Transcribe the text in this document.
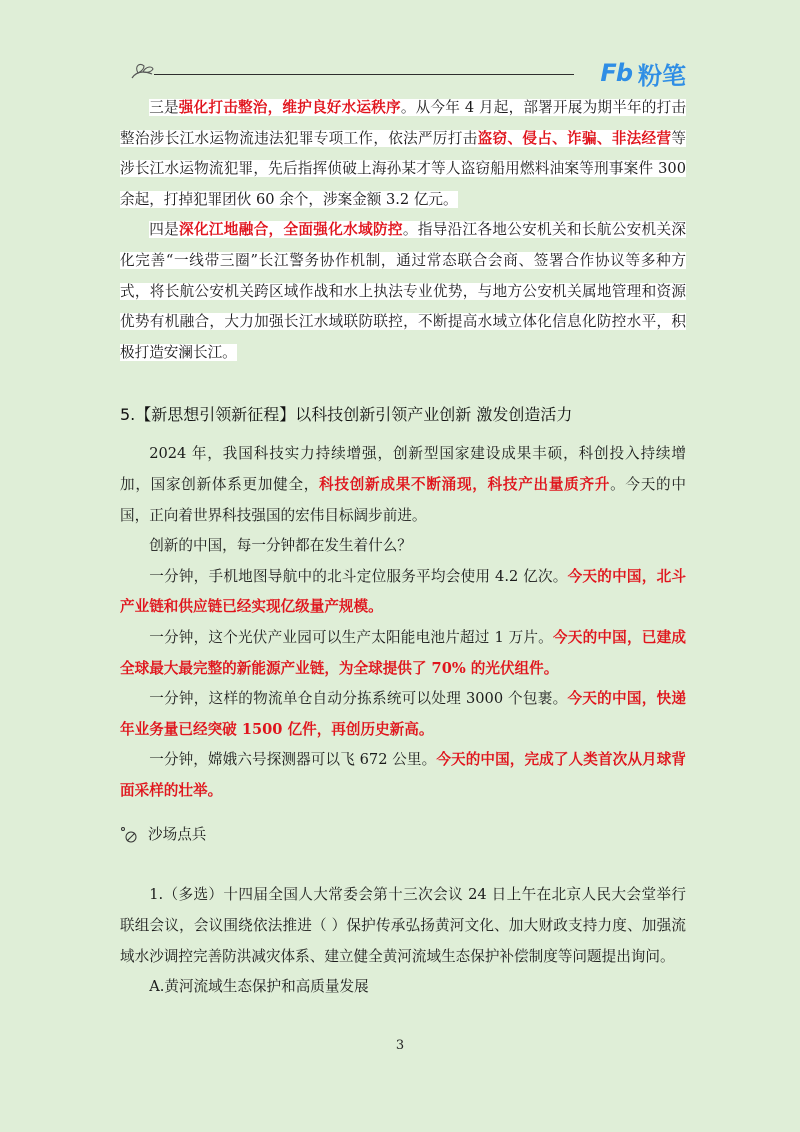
Fb 粉笔

三是强化打击整治，维护良好水运秩序。从今年 4 月起，部署开展为期半年的打击整治涉长江水运物流违法犯罪专项工作，依法严厉打击盗窃、侵占、诈骗、非法经营等涉长江水运物流犯罪，先后指挥侦破上海孙某才等人盗窃船用燃料油案等刑事案件 300 余起，打掉犯罪团伙 60 余个，涉案金额 3.2 亿元。

四是深化江地融合，全面强化水域防控。指导沿江各地公安机关和长航公安机关深化完善“一线带三圈”长江警务协作机制，通过常态联合会商、签署合作协议等多种方式，将长航公安机关跨区域作战和水上执法专业优势，与地方公安机关属地管理和资源优势有机融合，大力加强长江水域联防联控，不断提高水域立体化信息化防控水平，积极打造安澜长江。

5.【新思想引领新征程】以科技创新引领产业创新 激发创造活力

2024 年，我国科技实力持续增强，创新型国家建设成果丰硕，科创投入持续增加，国家创新体系更加健全，科技创新成果不断涌现，科技产出量质齐升。今天的中国，正向着世界科技强国的宏伟目标阔步前进。

创新的中国，每一分钟都在发生着什么？

一分钟，手机地图导航中的北斗定位服务平均会使用 4.2 亿次。今天的中国，北斗产业链和供应链已经实现亿级量产规模。

一分钟，这个光伏产业园可以生产太阳能电池片超过 1 万片。今天的中国，已建成全球最大最完整的新能源产业链，为全球提供了 70% 的光伏组件。

一分钟，这样的物流单仓自动分拣系统可以处理 3000 个包裹。今天的中国，快递年业务量已经突破 1500 亿件，再创历史新高。

一分钟，嫦娥六号探测器可以飞 672 公里。今天的中国，完成了人类首次从月球背面采样的壮举。

沙场点兵

1.（多选）十四届全国人大常委会第十三次会议 24 日上午在北京人民大会堂举行联组会议，会议围绕依法推进（ ）保护传承弘扬黄河文化、加大财政支持力度、加强流域水沙调控完善防洪减灾体系、建立健全黄河流域生态保护补偿制度等问题提出询问。

A.黄河流域生态保护和高质量发展

3
